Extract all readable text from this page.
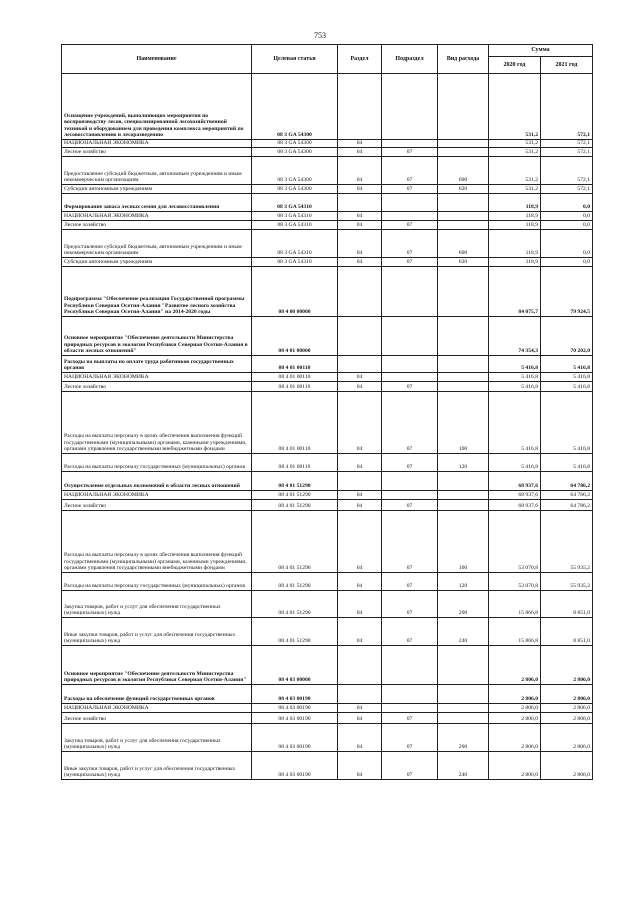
753
Наименование	Целевая статья	Раздел	Подраздел	Вид расхода	Сумма	
					2020 год	2021 год
Оснащение учреждений, выполняющих мероприятия по воспроизводству лесов, специализированной лесохозяйственной техникой и оборудованием для проведения комплекса мероприятий по лесовосстановлению и лесоразведению	08 3 GA 54300				531,2	572,1
НАЦИОНАЛЬНАЯ ЭКОНОМИКА	08 3 GA 54300	04			531,2	572,1
Лесное хозяйство	08 3 GA 54300	04	07		531,2	572,1
Предоставление субсидий бюджетным, автономным учреждениям и иным некоммерческим организациям	08 3 GA 54300	04	07	600	531,2	572,1
Субсидии автономным учреждениям	08 3 GA 54300	04	07	620	531,2	572,1
Формирование запаса лесных семян для лесовосстановления	08 3 GA 54310				118,9	0,0
НАЦИОНАЛЬНАЯ ЭКОНОМИКА	08 3 GA 54310	04			118,9	0,0
Лесное хозяйство	08 3 GA 54310	04	07		118,9	0,0
Предоставление субсидий бюджетным, автономным учреждениям и иным некоммерческим организациям	08 3 GA 54310	04	07	600	118,9	0,0
Субсидии автономным учреждениям	08 3 GA 54310	04	07	620	118,9	0,0
Подпрограмма "Обеспечение реализации Государственной программы Республики Северная Осетия-Алания "Развитие лесного хозяйства Республики Северная Осетия-Алания" на 2014-2020 годы	08 4 00 00000				84 075,7	79 924,5
Основное мероприятие "Обеспечение деятельности Министерства природных ресурсов и экологии Республики Северная Осетия-Алания в области лесных отношений"	08 4 01 00000				74 354,3	70 202,0
Расходы на выплаты по оплате труда работников государственных органов	08 4 01 00110				5 416,8	5 416,8
НАЦИОНАЛЬНАЯ ЭКОНОМИКА	08 4 01 00110	04			5 416,8	5 416,8
Лесное хозяйство	08 4 01 00110	04	07		5 416,8	5 416,8
Расходы на выплаты персоналу в целях обеспечения выполнения функций государственными (муниципальными) органами, казенными учреждениями, органами управления государственными внебюджетными фондами	08 4 01 00110	04	07	100	5 416,8	5 416,8
Расходы на выплаты персоналу государственных (муниципальных) органов	08 4 01 00110	04	07	120	5 416,8	5 416,8
Осуществление отдельных полномочий в области лесных отношений	08 4 01 51290				68 937,6	64 786,2
НАЦИОНАЛЬНАЯ ЭКОНОМИКА	08 4 01 51290	04			68 937,6	64 786,2
Лесное хозяйство	08 4 01 51290	04	07		68 937,6	64 786,2
Расходы на выплаты персоналу в целях обеспечения выполнения функций государственными (муниципальными) органами, казенными учреждениями, органами управления государственными внебюджетными фондами	08 4 01 51290	04	07	100	53 070,8	55 935,2
Расходы на выплаты персоналу государственных (муниципальных) органов	08 4 01 51290	04	07	120	53 070,8	55 935,2
Закупка товаров, работ и услуг для обеспечения государственных (муниципальных) нужд	08 4 01 51290	04	07	200	15 866,8	8 851,0
Иные закупки товаров, работ и услуг для обеспечения государственных (муниципальных) нужд	08 4 01 51290	04	07	240	15 866,8	8 851,0
Основное мероприятие "Обеспечение деятельности Министерства природных ресурсов и экологии Республики Северная Осетия-Алания"	08 4 03 00000				2 806,0	2 806,0
Расходы на обеспечение функций государственных органов	08 4 03 00190				2 806,0	2 806,0
НАЦИОНАЛЬНАЯ ЭКОНОМИКА	08 4 03 00190	04			2 806,0	2 806,0
Лесное хозяйство	08 4 03 00190	04	07		2 806,0	2 806,0
Закупка товаров, работ и услуг для обеспечения государственных (муниципальных) нужд	08 4 03 00190	04	07	200	2 806,0	2 806,0
Иные закупки товаров, работ и услуг для обеспечения государственных (муниципальных) нужд	08 4 03 00190	04	07	240	2 806,0	2 806,0
